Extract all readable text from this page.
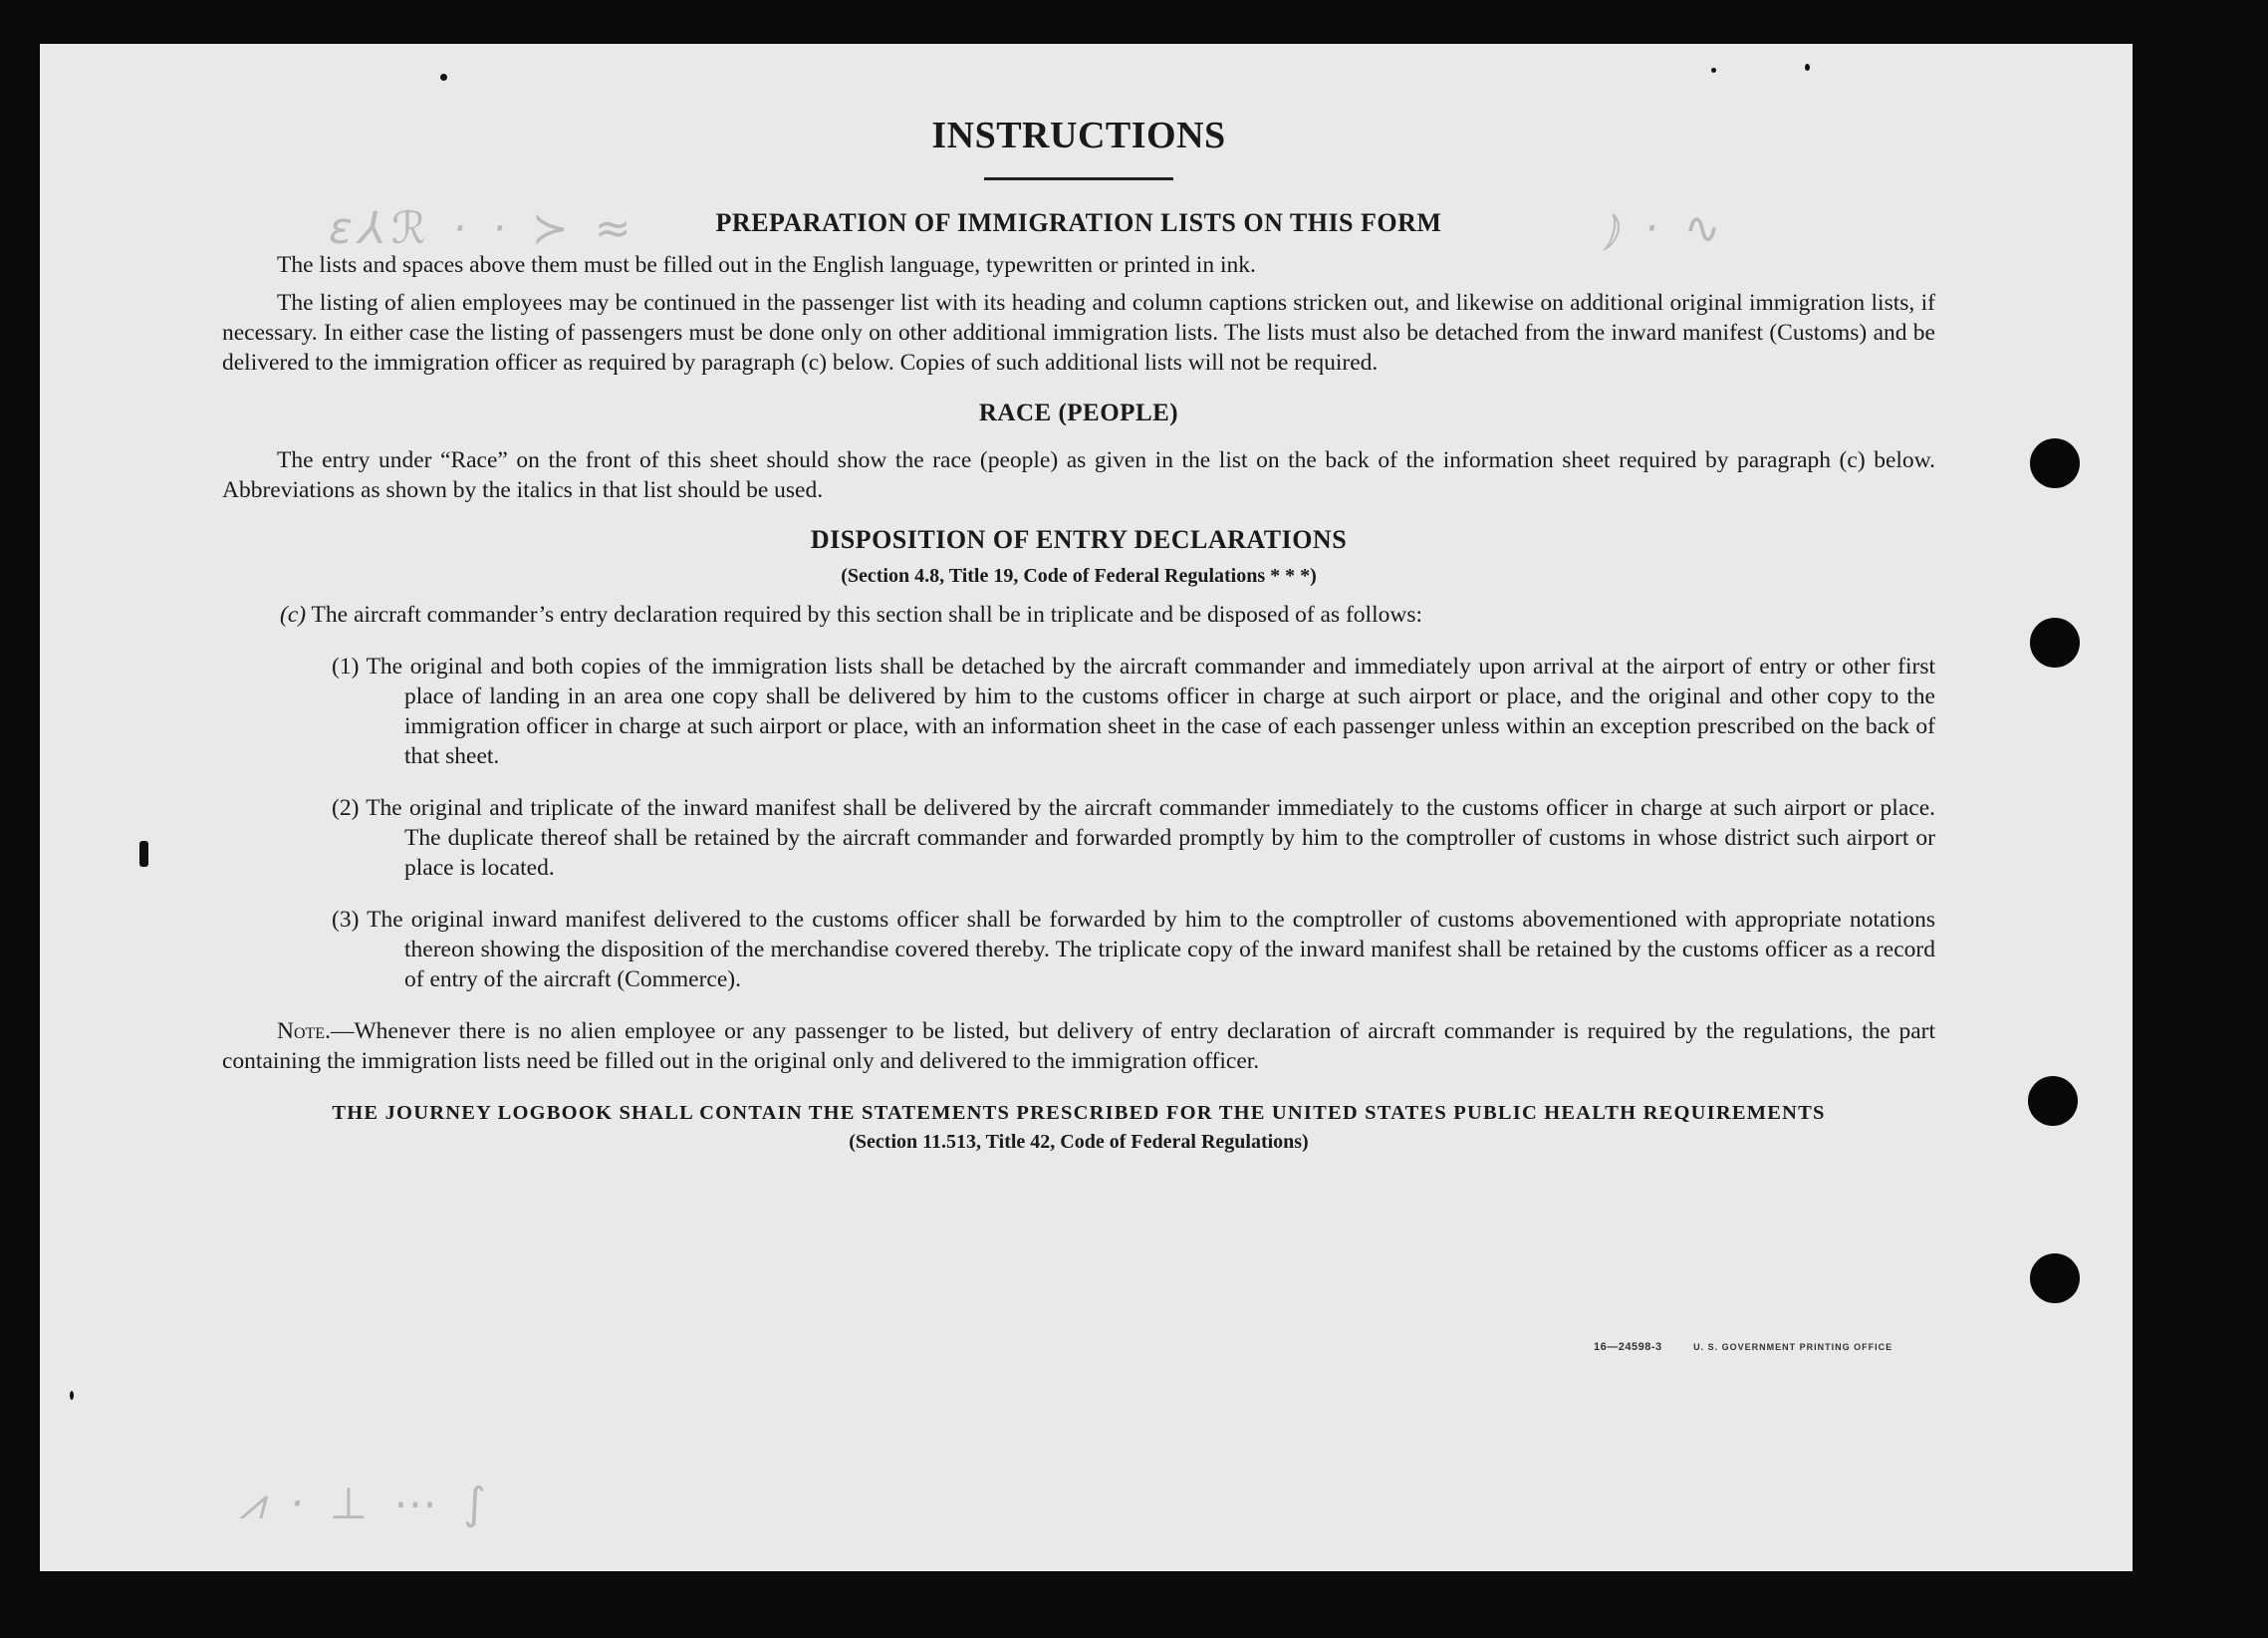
INSTRUCTIONS
PREPARATION OF IMMIGRATION LISTS ON THIS FORM

The lists and spaces above them must be filled out in the English language, typewritten or printed in ink.

The listing of alien employees may be continued in the passenger list with its heading and column captions stricken out, and likewise on additional original immigration lists, if necessary. In either case the listing of passengers must be done only on other additional immigration lists. The lists must also be detached from the inward manifest (Customs) and be delivered to the immigration officer as required by paragraph (c) below. Copies of such additional lists will not be required.

RACE (PEOPLE)

The entry under “Race” on the front of this sheet should show the race (people) as given in the list on the back of the information sheet required by paragraph (c) below. Abbreviations as shown by the italics in that list should be used.

DISPOSITION OF ENTRY DECLARATIONS
(Section 4.8, Title 19, Code of Federal Regulations * * *)
(c) The aircraft commander’s entry declaration required by this section shall be in triplicate and be disposed of as follows:
(1) The original and both copies of the immigration lists shall be detached by the aircraft commander and immediately upon arrival at the airport of entry or other first place of landing in an area one copy shall be delivered by him to the customs officer in charge at such airport or place, and the original and other copy to the immigration officer in charge at such airport or place, with an information sheet in the case of each passenger unless within an exception prescribed on the back of that sheet.
(2) The original and triplicate of the inward manifest shall be delivered by the aircraft commander immediately to the customs officer in charge at such airport or place. The duplicate thereof shall be retained by the aircraft commander and forwarded promptly by him to the comptroller of customs in whose district such airport or place is located.
(3) The original inward manifest delivered to the customs officer shall be forwarded by him to the comptroller of customs abovementioned with appropriate notations thereon showing the disposition of the merchandise covered thereby. The triplicate copy of the inward manifest shall be retained by the customs officer as a record of entry of the aircraft (Commerce).

Note.—Whenever there is no alien employee or any passenger to be listed, but delivery of entry declaration of aircraft commander is required by the regulations, the part containing the immigration lists need be filled out in the original only and delivered to the immigration officer.

THE JOURNEY LOGBOOK SHALL CONTAIN THE STATEMENTS PRESCRIBED FOR THE UNITED STATES PUBLIC HEALTH REQUIREMENTS
(Section 11.513, Title 42, Code of Federal Regulations)
16—24598-3	U. S. GOVERNMENT PRINTING OFFICE
ɛ⅄ℛ · · ≻ ≈	⦆ · ∿
⩘ · ⊥ ⋯ ∫
